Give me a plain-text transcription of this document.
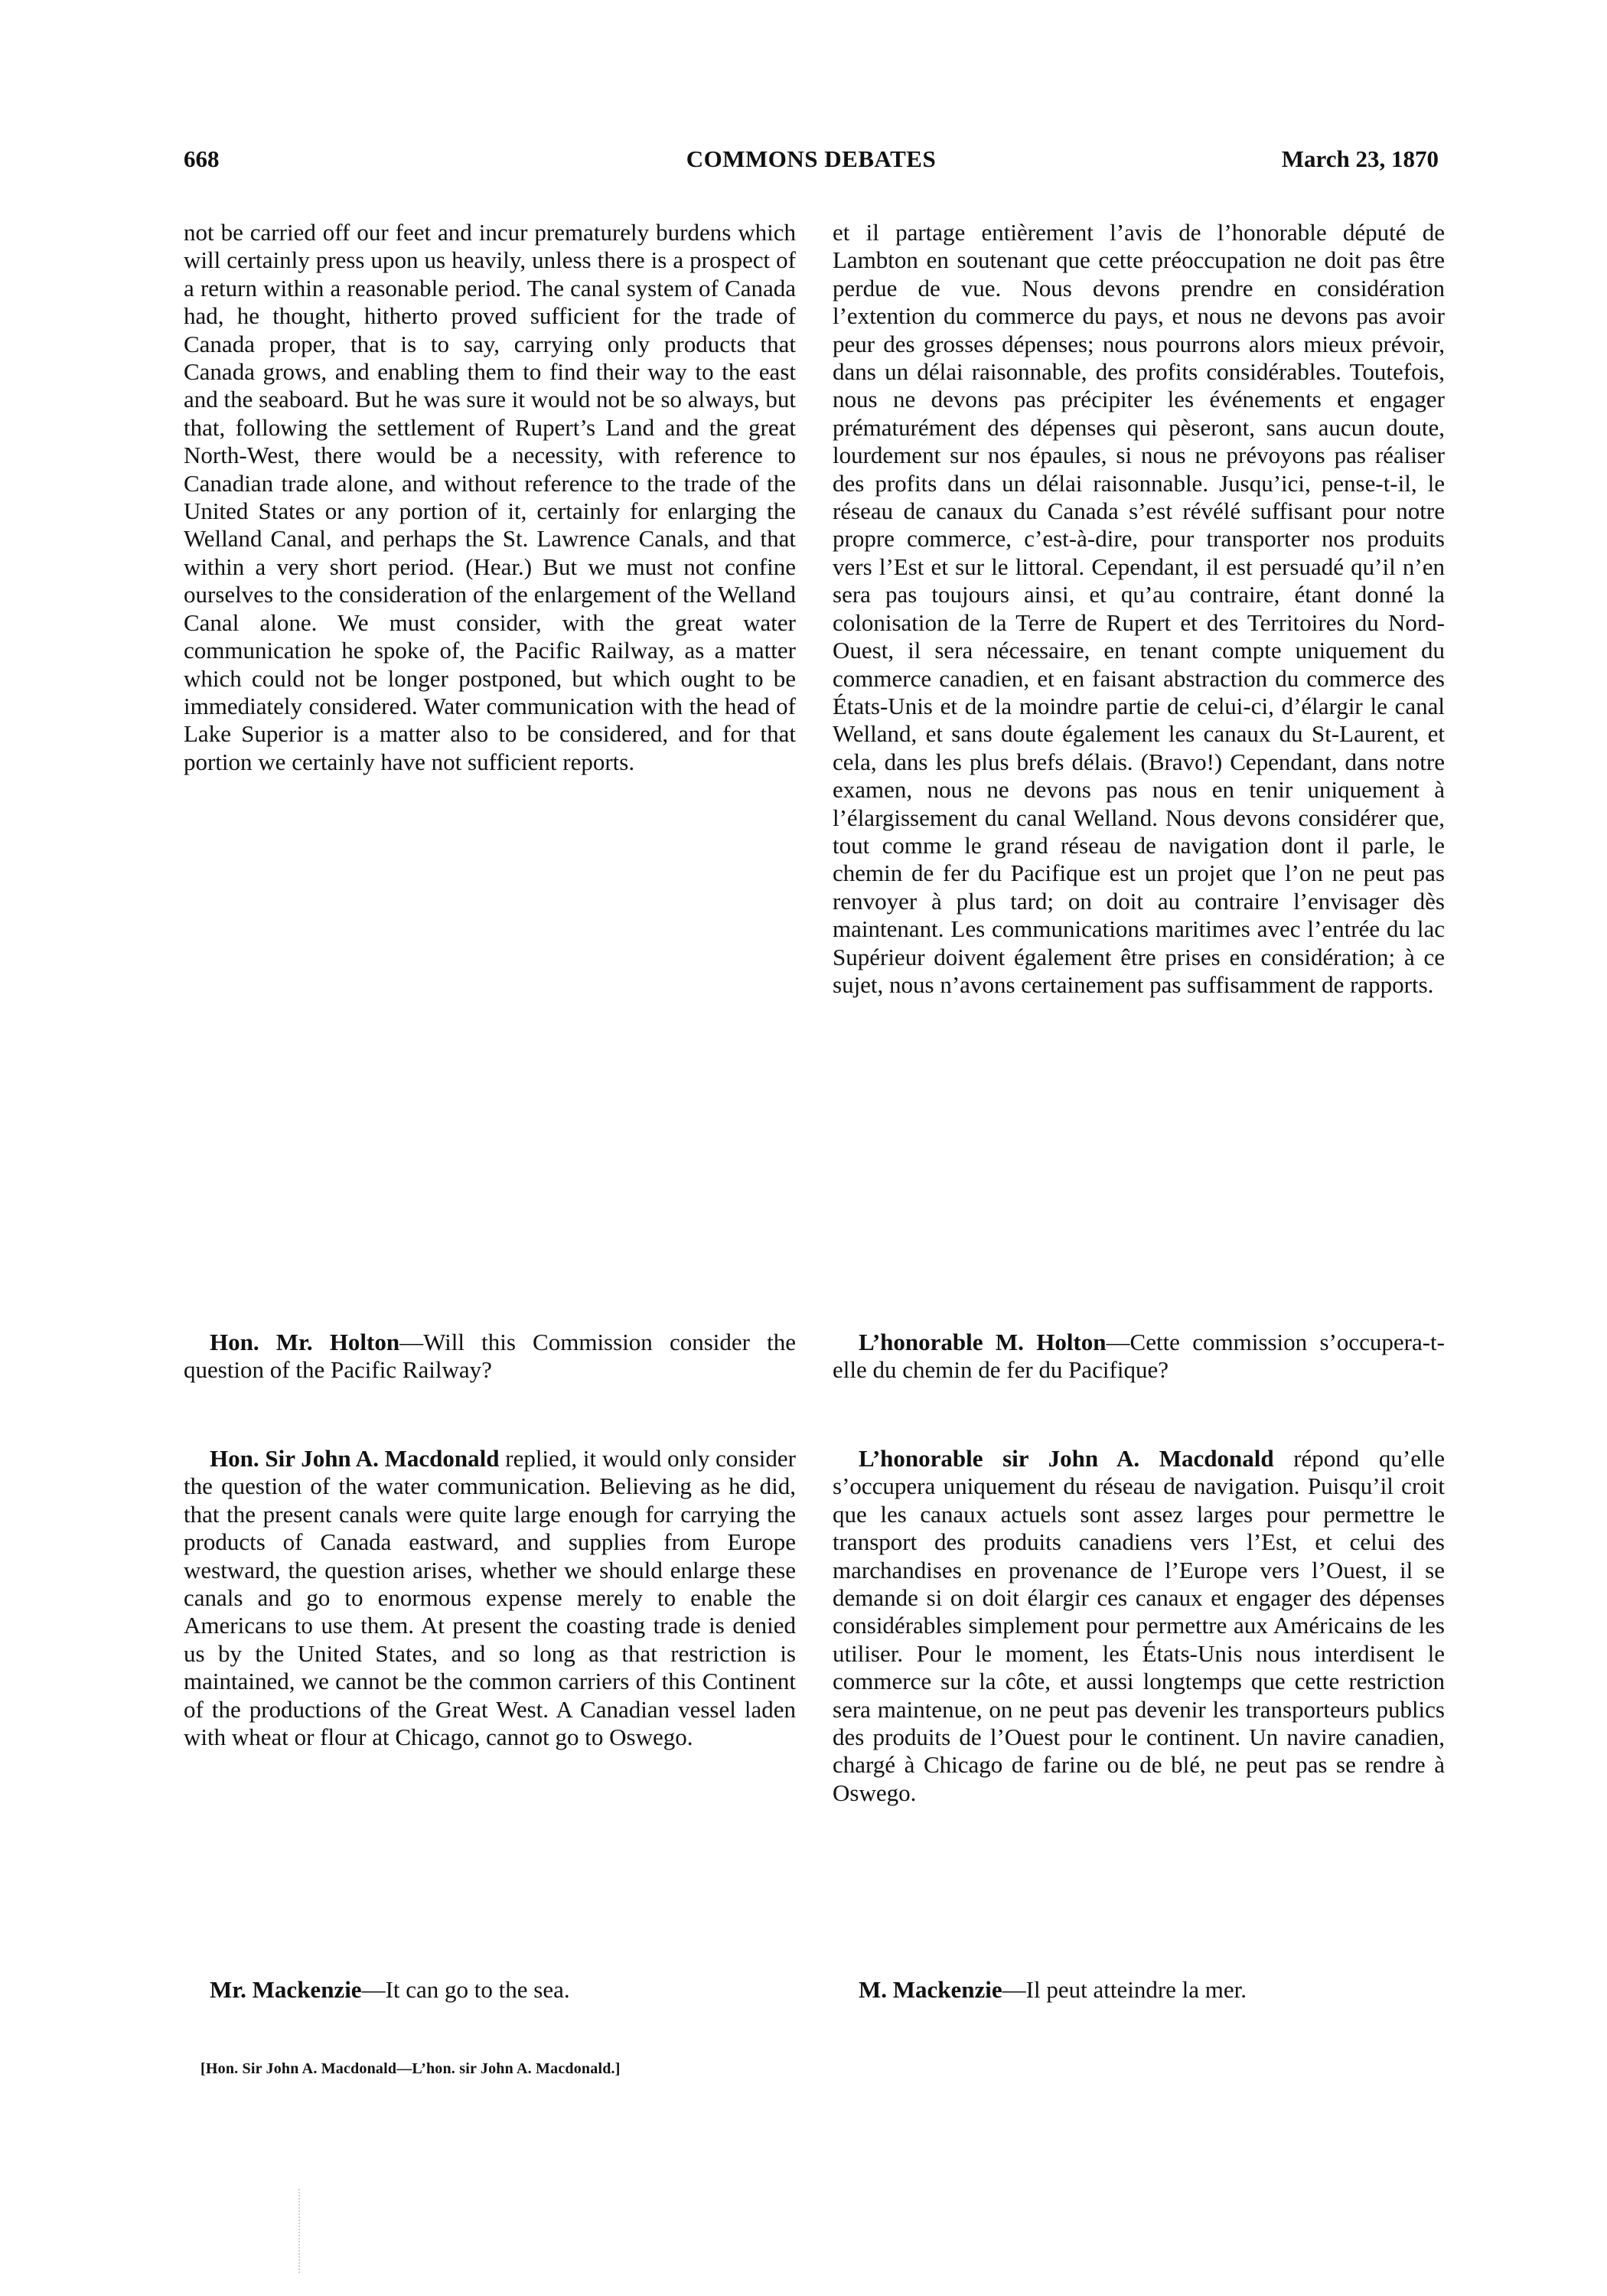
668	COMMONS DEBATES	March 23, 1870

not be carried off our feet and incur prematurely burdens which will certainly press upon us heavily, unless there is a prospect of a return within a reasonable period. The canal system of Canada had, he thought, hitherto proved sufficient for the trade of Canada proper, that is to say, carrying only products that Canada grows, and enabling them to find their way to the east and the seaboard. But he was sure it would not be so always, but that, following the settlement of Rupert’s Land and the great North-West, there would be a necessity, with reference to Canadian trade alone, and without reference to the trade of the United States or any portion of it, certainly for enlarging the Welland Canal, and perhaps the St. Lawrence Canals, and that within a very short period. (Hear.) But we must not confine ourselves to the consideration of the enlargement of the Welland Canal alone. We must consider, with the great water communication he spoke of, the Pacific Railway, as a matter which could not be longer postponed, but which ought to be immediately considered. Water communication with the head of Lake Superior is a matter also to be considered, and for that portion we certainly have not sufficient reports.

Hon. Mr. Holton—Will this Commission consider the question of the Pacific Railway?

Hon. Sir John A. Macdonald replied, it would only consider the question of the water communication. Believing as he did, that the present canals were quite large enough for carrying the products of Canada eastward, and supplies from Europe westward, the question arises, whether we should enlarge these canals and go to enormous expense merely to enable the Americans to use them. At present the coasting trade is denied us by the United States, and so long as that restriction is maintained, we cannot be the common carriers of this Continent of the productions of the Great West. A Canadian vessel laden with wheat or flour at Chicago, cannot go to Oswego.

Mr. Mackenzie—It can go to the sea.

et il partage entièrement l’avis de l’honorable député de Lambton en soutenant que cette préoccupation ne doit pas être perdue de vue. Nous devons prendre en considération l’extention du commerce du pays, et nous ne devons pas avoir peur des grosses dépenses; nous pourrons alors mieux prévoir, dans un délai raisonnable, des profits considérables. Toutefois, nous ne devons pas précipiter les événements et engager prématurément des dépenses qui pèseront, sans aucun doute, lourdement sur nos épaules, si nous ne prévoyons pas réaliser des profits dans un délai raisonnable. Jusqu’ici, pense-t-il, le réseau de canaux du Canada s’est révélé suffisant pour notre propre commerce, c’est-à-dire, pour transporter nos produits vers l’Est et sur le littoral. Cependant, il est persuadé qu’il n’en sera pas toujours ainsi, et qu’au contraire, étant donné la colonisation de la Terre de Rupert et des Territoires du Nord-Ouest, il sera nécessaire, en tenant compte uniquement du commerce canadien, et en faisant abstraction du commerce des États-Unis et de la moindre partie de celui-ci, d’élargir le canal Welland, et sans doute également les canaux du St-Laurent, et cela, dans les plus brefs délais. (Bravo!) Cependant, dans notre examen, nous ne devons pas nous en tenir uniquement à l’élargissement du canal Welland. Nous devons considérer que, tout comme le grand réseau de navigation dont il parle, le chemin de fer du Pacifique est un projet que l’on ne peut pas renvoyer à plus tard; on doit au contraire l’envisager dès maintenant. Les communications maritimes avec l’entrée du lac Supérieur doivent également être prises en considération; à ce sujet, nous n’avons certainement pas suffisamment de rapports.

L’honorable M. Holton—Cette commission s’occupera-t-elle du chemin de fer du Pacifique?

L’honorable sir John A. Macdonald répond qu’elle s’occupera uniquement du réseau de navigation. Puisqu’il croit que les canaux actuels sont assez larges pour permettre le transport des produits canadiens vers l’Est, et celui des marchandises en provenance de l’Europe vers l’Ouest, il se demande si on doit élargir ces canaux et engager des dépenses considérables simplement pour permettre aux Américains de les utiliser. Pour le moment, les États-Unis nous interdisent le commerce sur la côte, et aussi longtemps que cette restriction sera maintenue, on ne peut pas devenir les transporteurs publics des produits de l’Ouest pour le continent. Un navire canadien, chargé à Chicago de farine ou de blé, ne peut pas se rendre à Oswego.

M. Mackenzie—Il peut atteindre la mer.

[Hon. Sir John A. Macdonald—L’hon. sir John A. Macdonald.]
